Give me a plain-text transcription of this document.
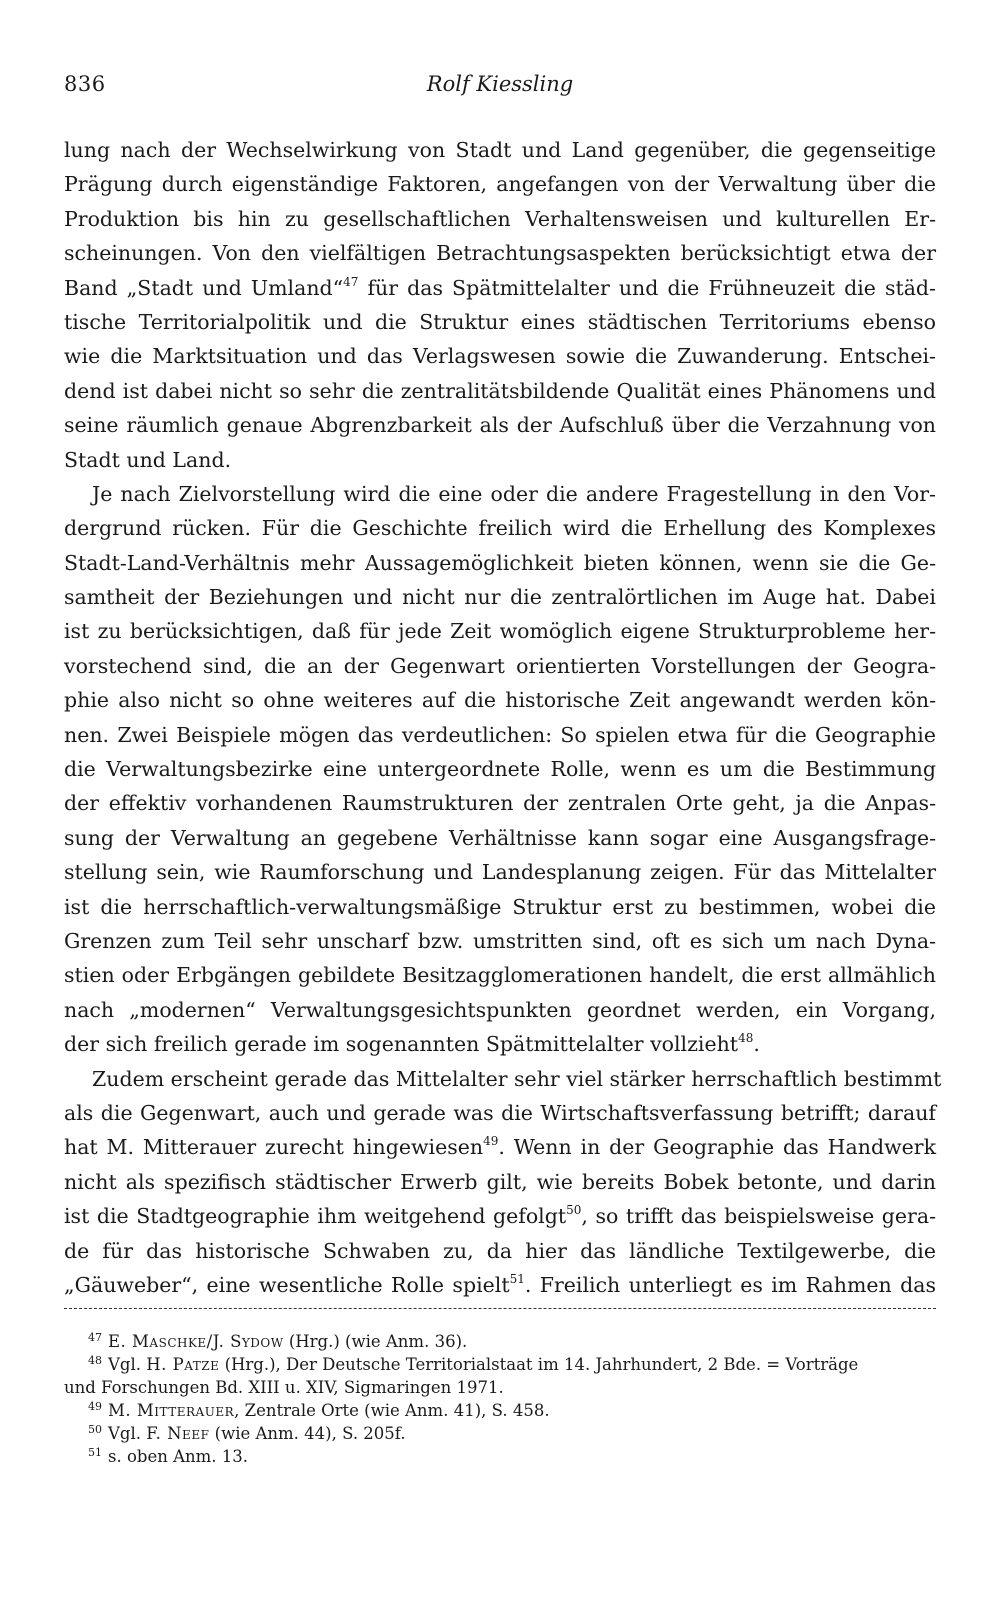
836	Rolf Kiessling
lung nach der Wechselwirkung von Stadt und Land gegenüber, die gegenseitige
Prägung durch eigenständige Faktoren, angefangen von der Verwaltung über die
Produktion bis hin zu gesellschaftlichen Verhaltensweisen und kulturellen Er-
scheinungen. Von den vielfältigen Betrachtungsaspekten berücksichtigt etwa der
Band „Stadt und Umland“$^{47}$ für das Spätmittelalter und die Frühneuzeit die städ-
tische Territorialpolitik und die Struktur eines städtischen Territoriums ebenso
wie die Marktsituation und das Verlagswesen sowie die Zuwanderung. Entschei-
dend ist dabei nicht so sehr die zentralitätsbildende Qualität eines Phänomens und
seine räumlich genaue Abgrenzbarkeit als der Aufschluß über die Verzahnung von
Stadt und Land.
Je nach Zielvorstellung wird die eine oder die andere Fragestellung in den Vor-
dergrund rücken. Für die Geschichte freilich wird die Erhellung des Komplexes
Stadt-Land-Verhältnis mehr Aussagemöglichkeit bieten können, wenn sie die Ge-
samtheit der Beziehungen und nicht nur die zentralörtlichen im Auge hat. Dabei
ist zu berücksichtigen, daß für jede Zeit womöglich eigene Strukturprobleme her-
vorstechend sind, die an der Gegenwart orientierten Vorstellungen der Geogra-
phie also nicht so ohne weiteres auf die historische Zeit angewandt werden kön-
nen. Zwei Beispiele mögen das verdeutlichen: So spielen etwa für die Geographie
die Verwaltungsbezirke eine untergeordnete Rolle, wenn es um die Bestimmung
der effektiv vorhandenen Raumstrukturen der zentralen Orte geht, ja die Anpas-
sung der Verwaltung an gegebene Verhältnisse kann sogar eine Ausgangsfrage-
stellung sein, wie Raumforschung und Landesplanung zeigen. Für das Mittelalter
ist die herrschaftlich-verwaltungsmäßige Struktur erst zu bestimmen, wobei die
Grenzen zum Teil sehr unscharf bzw. umstritten sind, oft es sich um nach Dyna-
stien oder Erbgängen gebildete Besitzagglomerationen handelt, die erst allmählich
nach „modernen“ Verwaltungsgesichtspunkten geordnet werden, ein Vorgang,
der sich freilich gerade im sogenannten Spätmittelalter vollzieht$^{48}$.
Zudem erscheint gerade das Mittelalter sehr viel stärker herrschaftlich bestimmt
als die Gegenwart, auch und gerade was die Wirtschaftsverfassung betrifft; darauf
hat M. Mitterauer zurecht hingewiesen$^{49}$. Wenn in der Geographie das Handwerk
nicht als spezifisch städtischer Erwerb gilt, wie bereits Bobek betonte, und darin
ist die Stadtgeographie ihm weitgehend gefolgt$^{50}$, so trifft das beispielsweise gera-
de für das historische Schwaben zu, da hier das ländliche Textilgewerbe, die
„Gäuweber“, eine wesentliche Rolle spielt$^{51}$. Freilich unterliegt es im Rahmen das
$^{47}$ E. Maschke/J. Sydow (Hrg.) (wie Anm. 36).
$^{48}$ Vgl. H. Patze (Hrg.), Der Deutsche Territorialstaat im 14. Jahrhundert, 2 Bde. = Vorträge
und Forschungen Bd. XIII u. XIV, Sigmaringen 1971.
$^{49}$ M. Mitterauer, Zentrale Orte (wie Anm. 41), S. 458.
$^{50}$ Vgl. F. Neef (wie Anm. 44), S. 205f.
$^{51}$ s. oben Anm. 13.
